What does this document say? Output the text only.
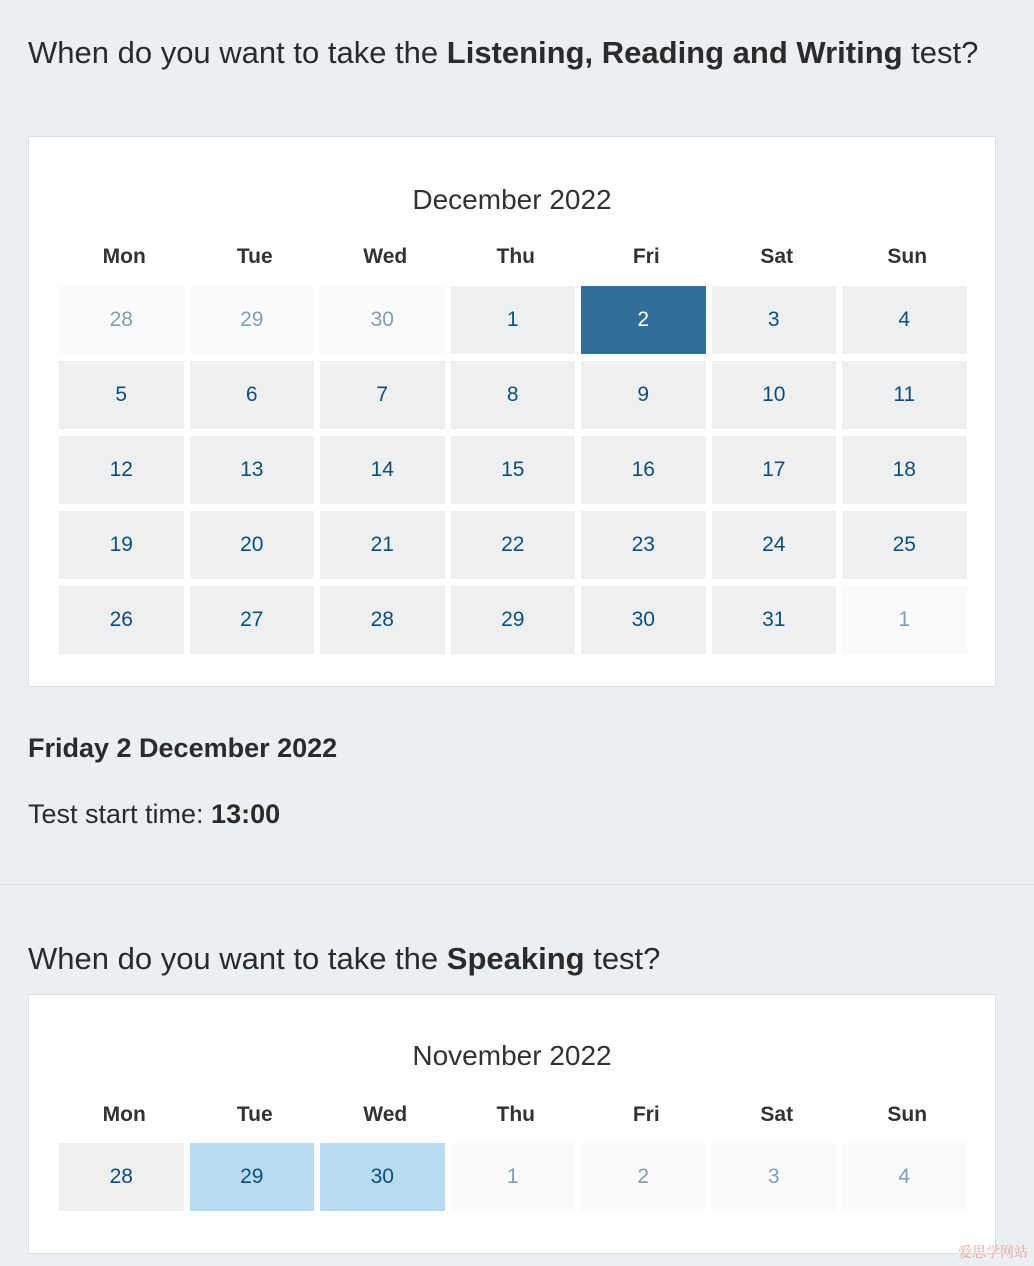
When do you want to take the Listening, Reading and Writing test?
December 2022
Mon	Tue	Wed	Thu	Fri	Sat	Sun
28	29	30	1	2	3	4
5	6	7	8	9	10	11
12	13	14	15	16	17	18
19	20	21	22	23	24	25
26	27	28	29	30	31	1
Friday 2 December 2022
Test start time: 13:00
When do you want to take the Speaking test?
November 2022
Mon	Tue	Wed	Thu	Fri	Sat	Sun
28	29	30	1	2	3	4
爱思学网站
